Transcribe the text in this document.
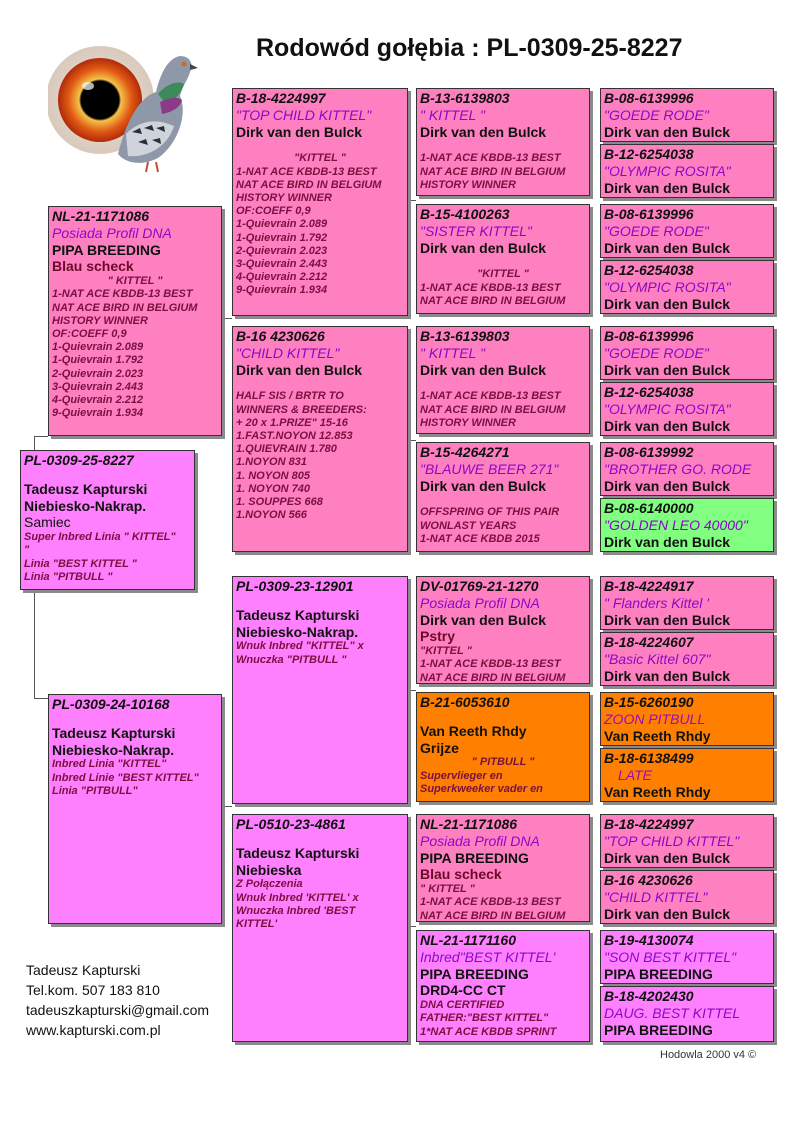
Rodowód gołębia : PL-0309-25-8227
PL-0309-25-8227
Tadeusz Kapturski
Niebiesko-Nakrap.
Samiec
Super Inbred Linia " KITTEL"
"
Linia "BEST KITTEL "
Linia "PITBULL "
NL-21-1171086
Posiada Profil DNA
PIPA BREEDING
Blau scheck
" KITTEL "
1-NAT ACE KBDB-13 BEST
NAT ACE BIRD IN BELGIUM
HISTORY WINNER
OF:COEFF 0,9
1-Quievrain 2.089
1-Quievrain 1.792
2-Quievrain 2.023
3-Quievrain 2.443
4-Quievrain 2.212
9-Quievrain 1.934
PL-0309-24-10168
Tadeusz Kapturski
Niebiesko-Nakrap.
Inbred Linia "KITTEL"
Inbred Linie "BEST KITTEL"
Linia "PITBULL"
B-18-4224997
"TOP CHILD KITTEL"
Dirk van den Bulck
"KITTEL "
1-NAT ACE KBDB-13 BEST
NAT ACE BIRD IN BELGIUM
HISTORY WINNER
OF:COEFF 0,9
1-Quievrain 2.089
1-Quievrain 1.792
2-Quievrain 2.023
3-Quievrain 2.443
4-Quievrain 2.212
9-Quievrain 1.934
B-16 4230626
"CHILD KITTEL"
Dirk van den Bulck
HALF SIS / BRTR TO
WINNERS & BREEDERS:
+ 20 x 1.PRIZE" 15-16
1.FAST.NOYON 12.853
1.QUIEVRAIN 1.780
1.NOYON 831
1. NOYON 805
1. NOYON 740
1. SOUPPES 668
1.NOYON 566
PL-0309-23-12901
Tadeusz Kapturski
Niebiesko-Nakrap.
Wnuk Inbred "KITTEL" x
Wnuczka "PITBULL "
PL-0510-23-4861
Tadeusz Kapturski
Niebieska
Z Połączenia
Wnuk Inbred 'KITTEL' x
Wnuczka Inbred 'BEST
KITTEL'
B-13-6139803
" KITTEL "
Dirk van den Bulck
1-NAT ACE KBDB-13 BEST
NAT ACE BIRD IN BELGIUM
HISTORY WINNER
B-15-4100263
"SISTER KITTEL"
Dirk van den Bulck
"KITTEL "
1-NAT ACE KBDB-13 BEST
NAT ACE BIRD IN BELGIUM
B-13-6139803
" KITTEL "
Dirk van den Bulck
1-NAT ACE KBDB-13 BEST
NAT ACE BIRD IN BELGIUM
HISTORY WINNER
B-15-4264271
"BLAUWE BEER 271"
Dirk van den Bulck
OFFSPRING OF THIS PAIR
WONLAST YEARS
1-NAT ACE KBDB 2015
DV-01769-21-1270
Posiada Profil DNA
Dirk van den Bulck
Pstry
"KITTEL "
1-NAT ACE KBDB-13 BEST
NAT ACE BIRD IN BELGIUM
B-21-6053610
Van Reeth Rhdy
Grijze
" PITBULL "
Supervlieger en
Superkweeker vader en
NL-21-1171086
Posiada Profil DNA
PIPA BREEDING
Blau scheck
" KITTEL "
1-NAT ACE KBDB-13 BEST
NAT ACE BIRD IN BELGIUM
NL-21-1171160
Inbred"BEST KITTEL'
PIPA BREEDING
DRD4-CC CT
DNA CERTIFIED
FATHER:"BEST KITTEL"
1*NAT ACE KBDB SPRINT
B-08-6139996
"GOEDE RODE"
Dirk van den Bulck
B-12-6254038
"OLYMPIC ROSITA"
Dirk van den Bulck
B-08-6139996
"GOEDE RODE"
Dirk van den Bulck
B-12-6254038
"OLYMPIC ROSITA"
Dirk van den Bulck
B-08-6139996
"GOEDE RODE"
Dirk van den Bulck
B-12-6254038
"OLYMPIC ROSITA"
Dirk van den Bulck
B-08-6139992
"BROTHER GO. RODE
Dirk van den Bulck
B-08-6140000
"GOLDEN LEO 40000"
Dirk van den Bulck
B-18-4224917
" Flanders Kittel '
Dirk van den Bulck
B-18-4224607
"Basic Kittel 607"
Dirk van den Bulck
B-15-6260190
ZOON PITBULL
Van Reeth Rhdy
B-18-6138499
LATE
Van Reeth Rhdy
B-18-4224997
"TOP CHILD KITTEL"
Dirk van den Bulck
B-16 4230626
"CHILD KITTEL"
Dirk van den Bulck
B-19-4130074
"SON BEST KITTEL"
PIPA BREEDING
B-18-4202430
DAUG. BEST KITTEL
PIPA BREEDING
Tadeusz Kapturski
Tel.kom. 507 183 810
tadeuszkapturski@gmail.com
www.kapturski.com.pl
Hodowla 2000 v4 ©
